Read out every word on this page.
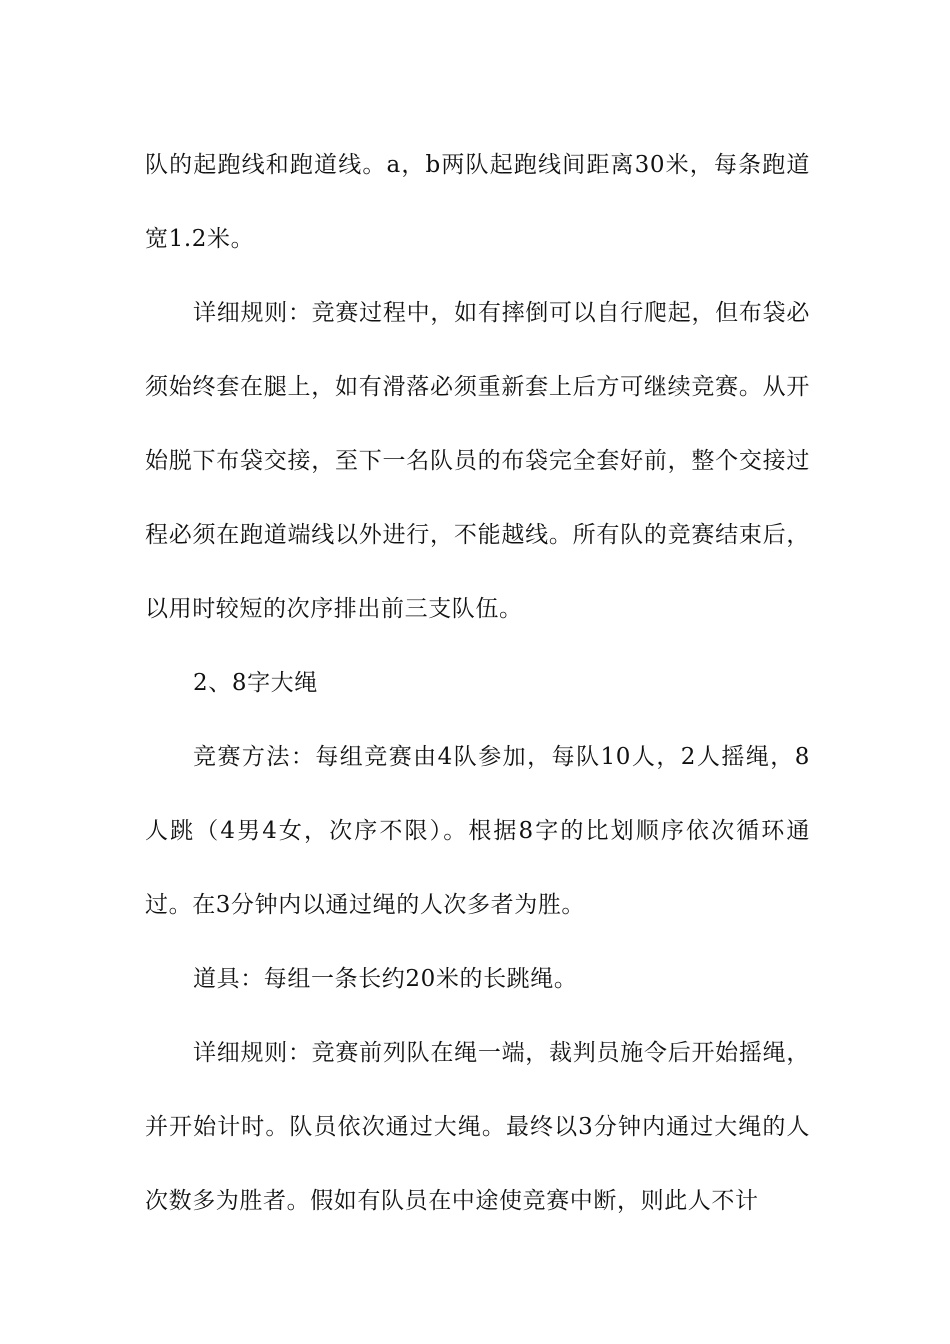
队的起跑线和跑道线。a，b两队起跑线间距离30米，每条跑道宽1.2米。

详细规则：竞赛过程中，如有摔倒可以自行爬起，但布袋必须始终套在腿上，如有滑落必须重新套上后方可继续竞赛。从开始脱下布袋交接，至下一名队员的布袋完全套好前，整个交接过程必须在跑道端线以外进行，不能越线。所有队的竞赛结束后，以用时较短的次序排出前三支队伍。

2、8字大绳

竞赛方法：每组竞赛由4队参加，每队10人，2人摇绳，8人跳（4男4女，次序不限）。根据8字的比划顺序依次循环通过。在3分钟内以通过绳的人次多者为胜。

道具：每组一条长约20米的长跳绳。

详细规则：竞赛前列队在绳一端，裁判员施令后开始摇绳，并开始计时。队员依次通过大绳。最终以3分钟内通过大绳的人次数多为胜者。假如有队员在中途使竞赛中断，则此人不计
